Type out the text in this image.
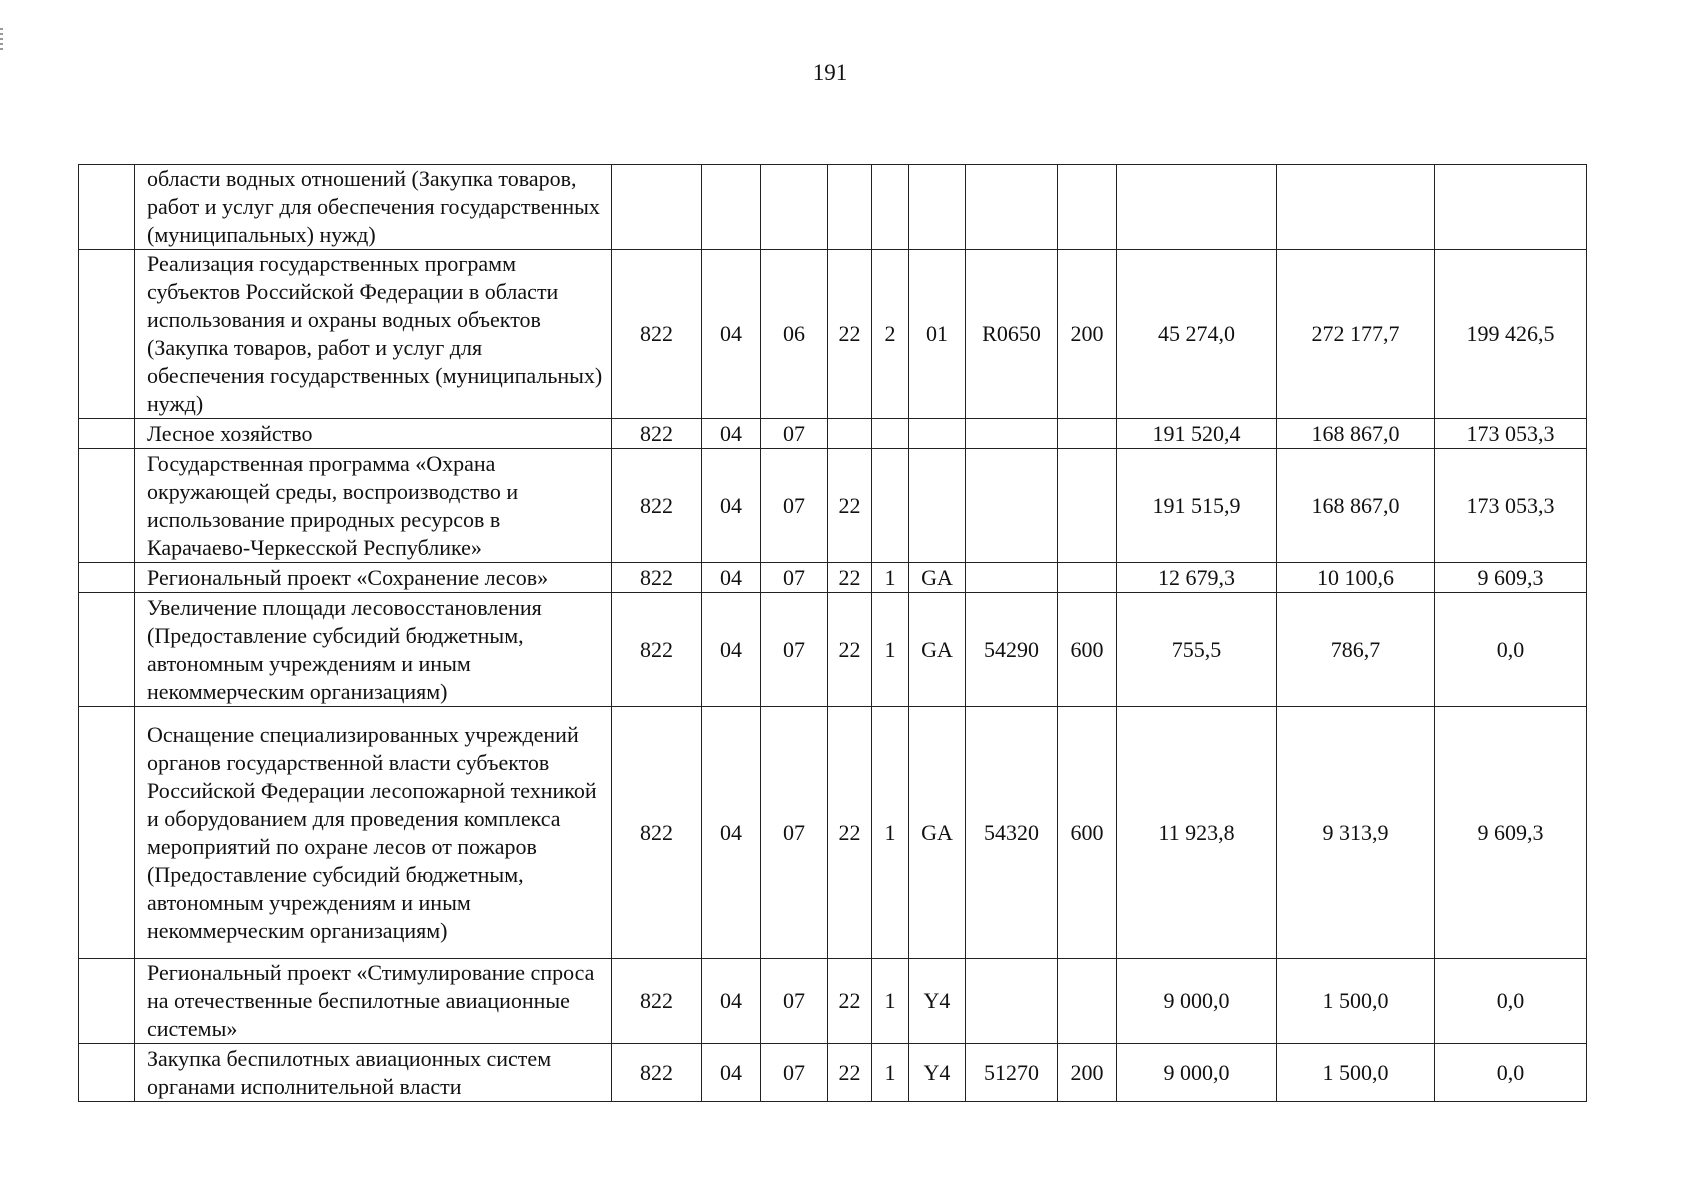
191
	области водных отношений (Закупка товаров, работ и услуг для обеспечения государственных (муниципальных) нужд)											
	Реализация государственных программ субъектов Российской Федерации в области использования и охраны водных объектов (Закупка товаров, работ и услуг для обеспечения государственных (муниципальных) нужд)	822	04	06	22	2	01	R0650	200	45 274,0	272 177,7	199 426,5
	Лесное хозяйство	822	04	07						191 520,4	168 867,0	173 053,3
	Государственная программа «Охрана окружающей среды, воспроизводство и использование природных ресурсов в Карачаево-Черкесской Республике»	822	04	07	22					191 515,9	168 867,0	173 053,3
	Региональный проект «Сохранение лесов»	822	04	07	22	1	GA			12 679,3	10 100,6	9 609,3
	Увеличение площади лесовосстановления (Предоставление субсидий бюджетным, автономным учреждениям и иным некоммерческим организациям)	822	04	07	22	1	GA	54290	600	755,5	786,7	0,0
	Оснащение специализированных учреждений органов государственной власти субъектов Российской Федерации лесопожарной техникой и оборудованием для проведения комплекса мероприятий по охране лесов от пожаров (Предоставление субсидий бюджетным, автономным учреждениям и иным некоммерческим организациям)	822	04	07	22	1	GA	54320	600	11 923,8	9 313,9	9 609,3
	Региональный проект «Стимулирование спроса на отечественные беспилотные авиационные системы»	822	04	07	22	1	Y4			9 000,0	1 500,0	0,0
	Закупка беспилотных авиационных систем органами исполнительной власти	822	04	07	22	1	Y4	51270	200	9 000,0	1 500,0	0,0
